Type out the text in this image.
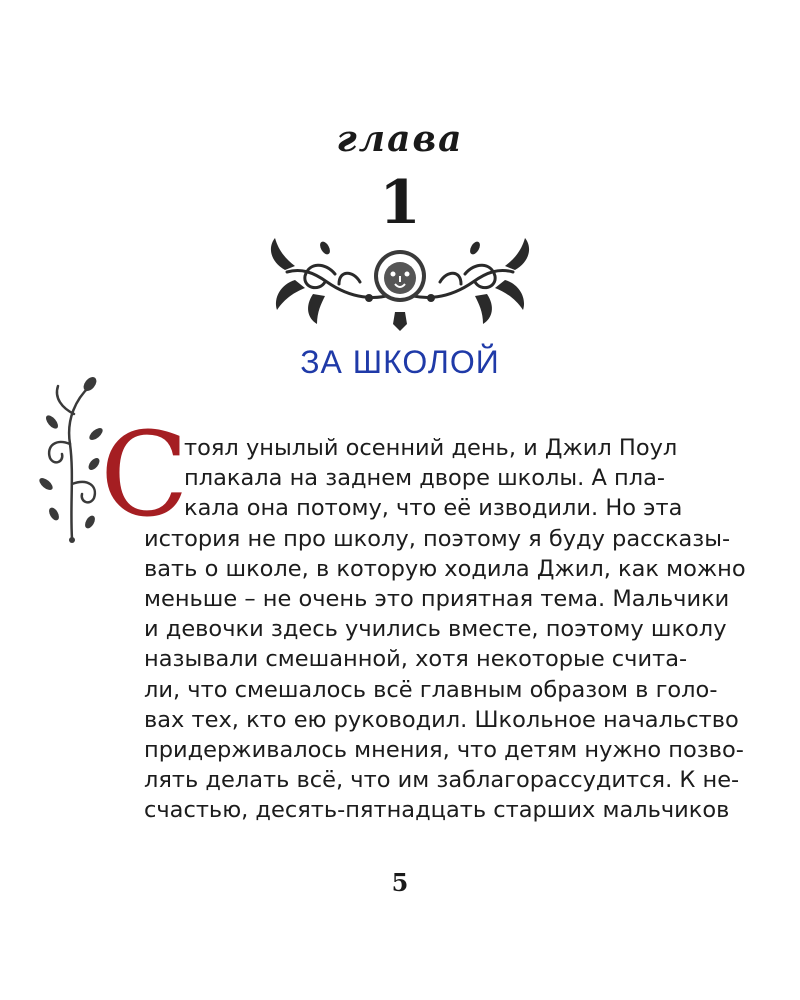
глава
1
ЗА ШКОЛОЙ
С
тоял унылый осенний день, и Джил Поул
плакала на заднем дворе школы. А пла-
кала она потому, что её изводили. Но эта
история не про школу, поэтому я буду рассказы-
вать о школе, в которую ходила Джил, как можно
меньше – не очень это приятная тема. Мальчики
и девочки здесь учились вместе, поэтому школу
называли смешанной, хотя некоторые счита-
ли, что смешалось всё главным образом в голо-
вах тех, кто ею руководил. Школьное начальство
придерживалось мнения, что детям нужно позво-
лять делать всё, что им заблагорассудится. К не-
счастью, десять-пятнадцать старших мальчиков
5
